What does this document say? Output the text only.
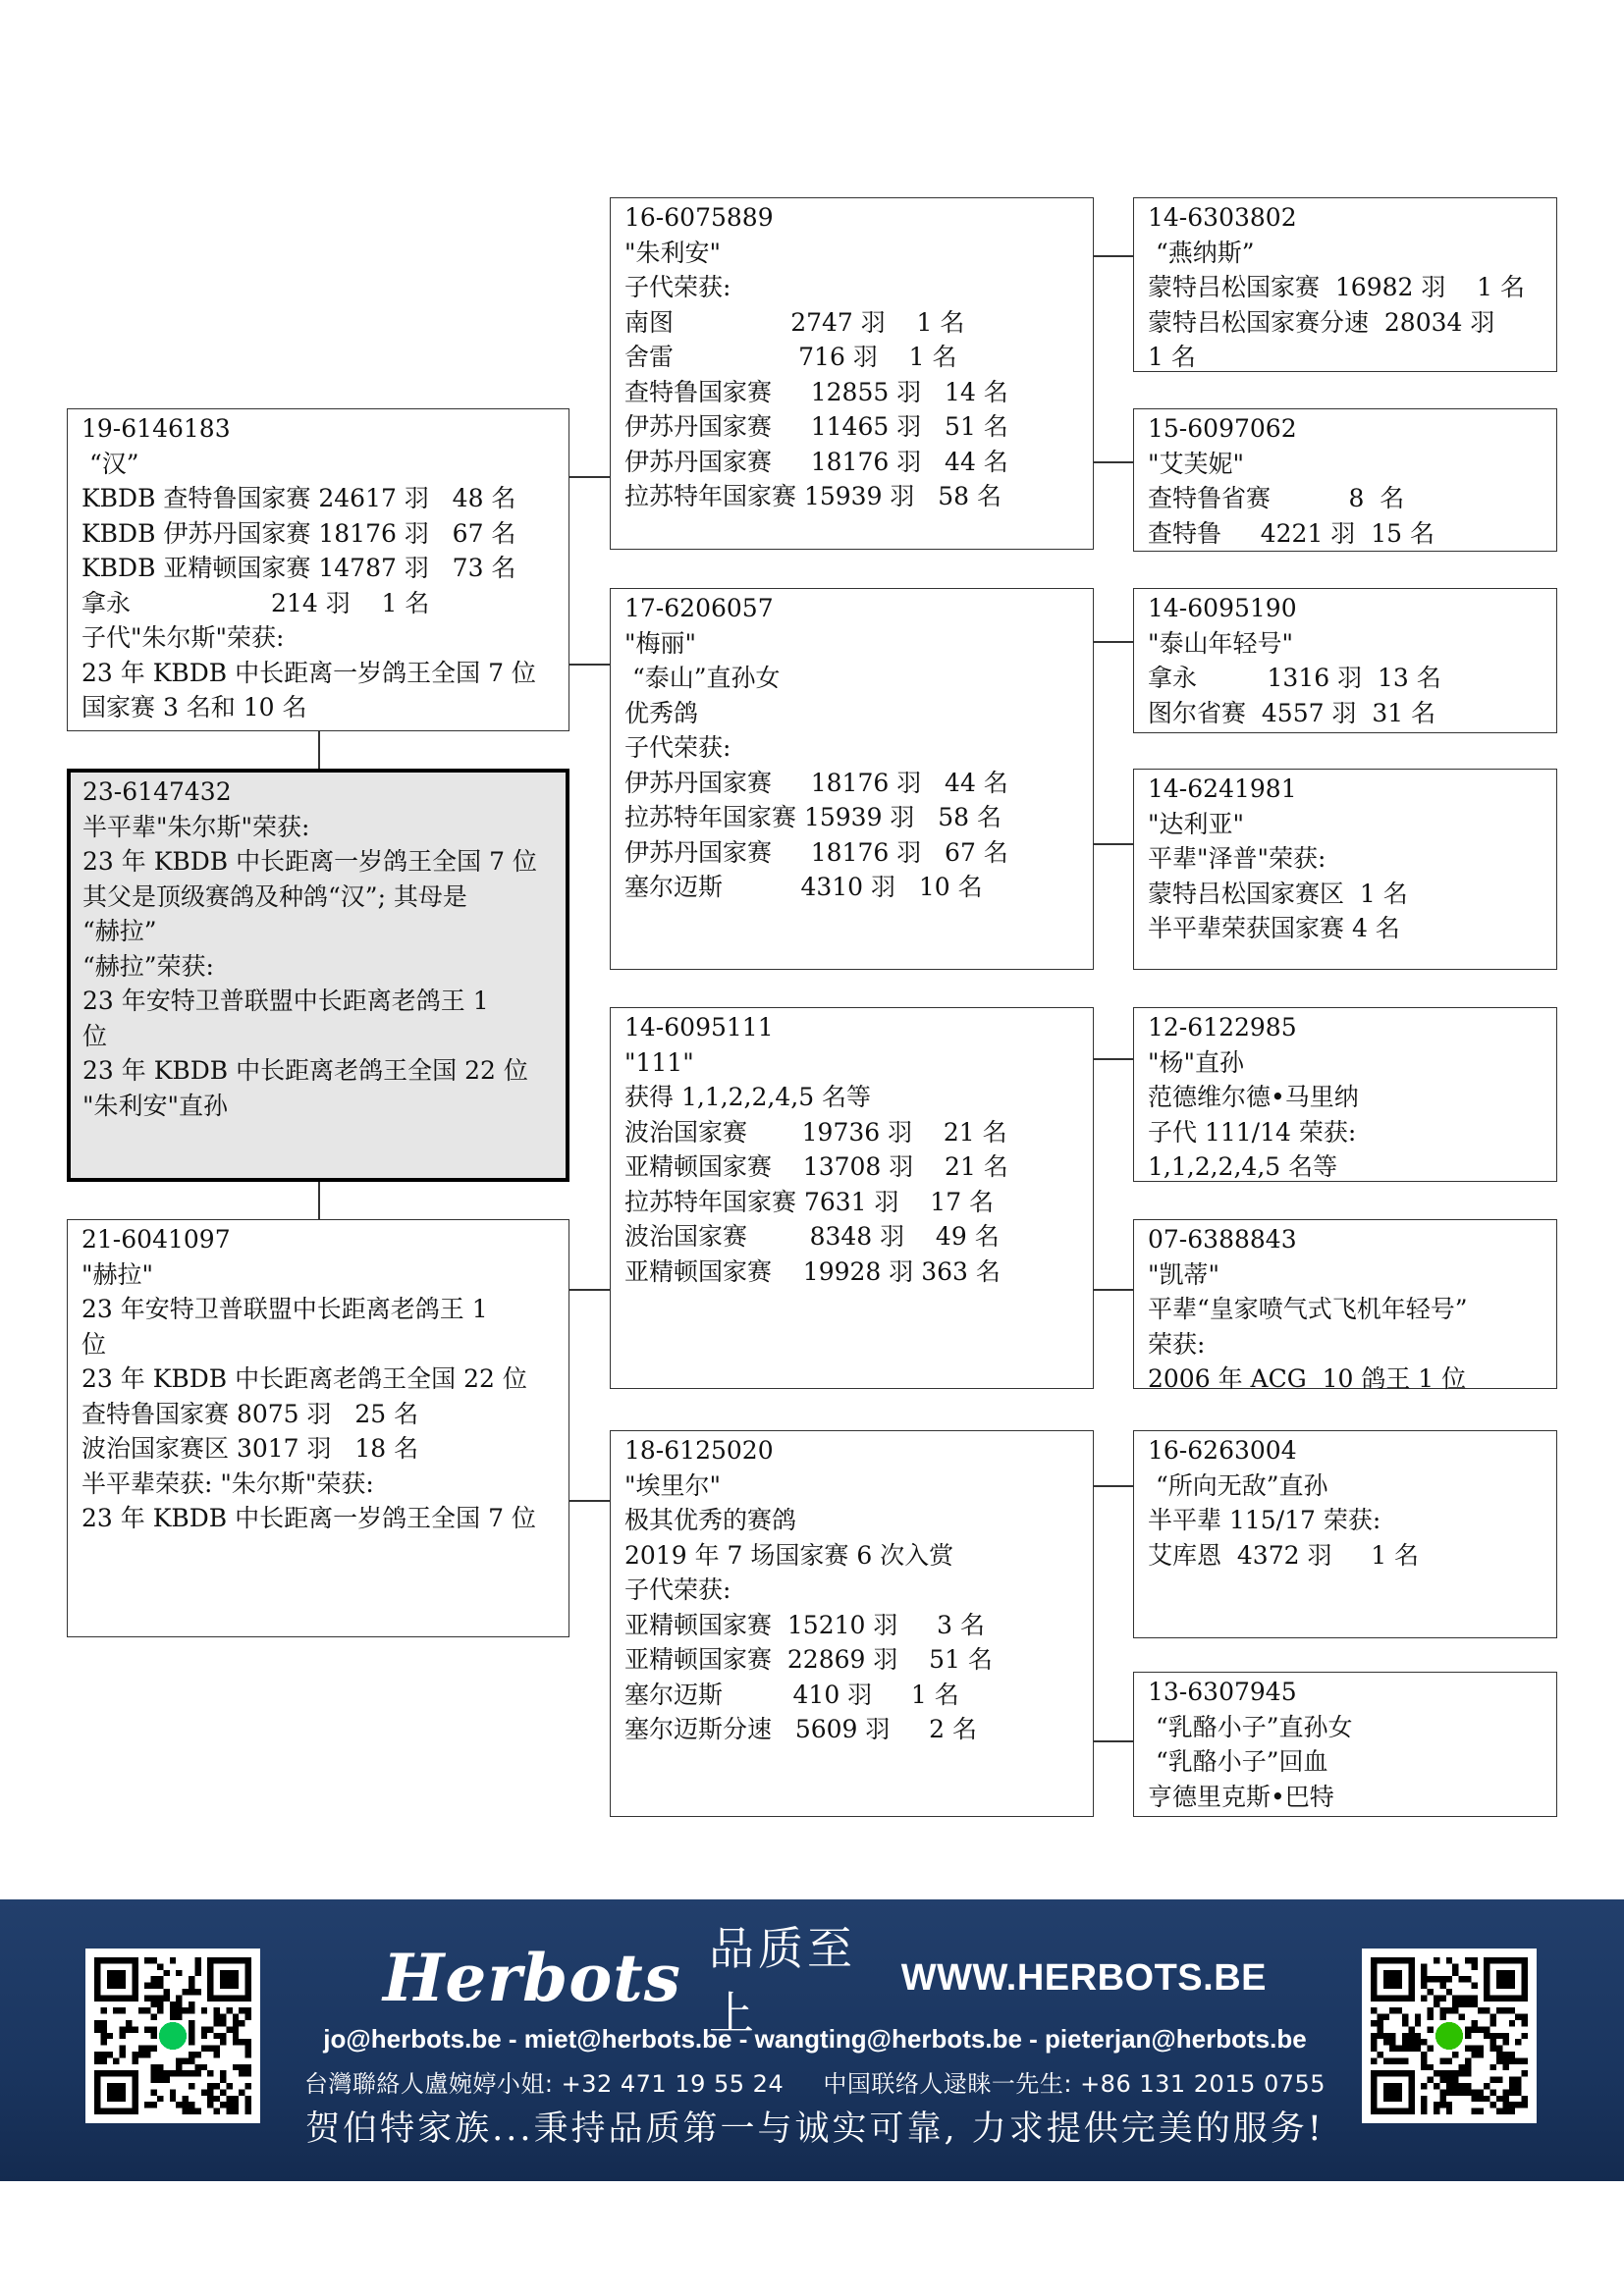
14-6303802
“燕纳斯”
蒙特吕松国家赛  16982 羽    1 名
蒙特吕松国家赛分速  28034 羽
1 名
16-6075889
"朱利安"
子代荣获:
南图               2747 羽    1 名
舍雷                716 羽    1 名
查特鲁国家赛     12855 羽   14 名
伊苏丹国家赛     11465 羽   51 名
伊苏丹国家赛     18176 羽   44 名
拉苏特年国家赛 15939 羽   58 名
15-6097062
"艾芙妮"
查特鲁省赛          8  名
查特鲁     4221 羽  15 名
19-6146183
“汉”
KBDB 查特鲁国家赛 24617 羽   48 名
KBDB 伊苏丹国家赛 18176 羽   67 名
KBDB 亚精顿国家赛 14787 羽   73 名
拿永                  214 羽    1 名
子代"朱尔斯"荣获:
23 年 KBDB 中长距离一岁鸽王全国 7 位
国家赛 3 名和 10 名
17-6206057
"梅丽"
“泰山”直孙女
优秀鸽
子代荣获:
伊苏丹国家赛     18176 羽   44 名
拉苏特年国家赛 15939 羽   58 名
伊苏丹国家赛     18176 羽   67 名
塞尔迈斯          4310 羽   10 名
14-6095190
"泰山年轻号"
拿永         1316 羽  13 名
图尔省赛  4557 羽  31 名
14-6241981
"达利亚"
平辈"泽普"荣获:
蒙特吕松国家赛区  1 名
半平辈荣获国家赛 4 名
23-6147432
半平辈"朱尔斯"荣获:
23 年 KBDB 中长距离一岁鸽王全国 7 位
其父是顶级赛鸽及种鸽“汉”; 其母是
“赫拉”
“赫拉”荣获:
23 年安特卫普联盟中长距离老鸽王 1
位
23 年 KBDB 中长距离老鸽王全国 22 位
"朱利安"直孙
14-6095111
"111"
获得 1,1,2,2,4,5 名等
波治国家赛       19736 羽    21 名
亚精顿国家赛    13708 羽    21 名
拉苏特年国家赛 7631 羽    17 名
波治国家赛        8348 羽    49 名
亚精顿国家赛    19928 羽 363 名
12-6122985
"杨"直孙
范德维尔德•马里纳
子代 111/14 荣获:
1,1,2,2,4,5 名等
07-6388843
"凯蒂"
平辈“皇家喷气式飞机年轻号”
荣获:
2006 年 ACG  10 鸽王 1 位
21-6041097
"赫拉"
23 年安特卫普联盟中长距离老鸽王 1
位
23 年 KBDB 中长距离老鸽王全国 22 位
查特鲁国家赛 8075 羽   25 名
波治国家赛区 3017 羽   18 名
半平辈荣获: "朱尔斯"荣获:
23 年 KBDB 中长距离一岁鸽王全国 7 位
18-6125020
"埃里尔"
极其优秀的赛鸽
2019 年 7 场国家赛 6 次入赏
子代荣获:
亚精顿国家赛  15210 羽     3 名
亚精顿国家赛  22869 羽    51 名
塞尔迈斯         410 羽     1 名
塞尔迈斯分速   5609 羽     2 名
16-6263004
“所向无敌”直孙
半平辈 115/17 荣获:
艾库恩  4372 羽     1 名
13-6307945
“乳酪小子”直孙女
“乳酪小子”回血
亨德里克斯•巴特
Herbots 品质至上
WWW.HERBOTS.BE
jo@herbots.be - miet@herbots.be - wangting@herbots.be - pieterjan@herbots.be
台灣聯絡人盧婉婷小姐: +32 471 19 55 24 中国联络人逯睐一先生: +86 131 2015 0755
贺伯特家族...秉持品质第一与诚实可靠, 力求提供完美的服务!
